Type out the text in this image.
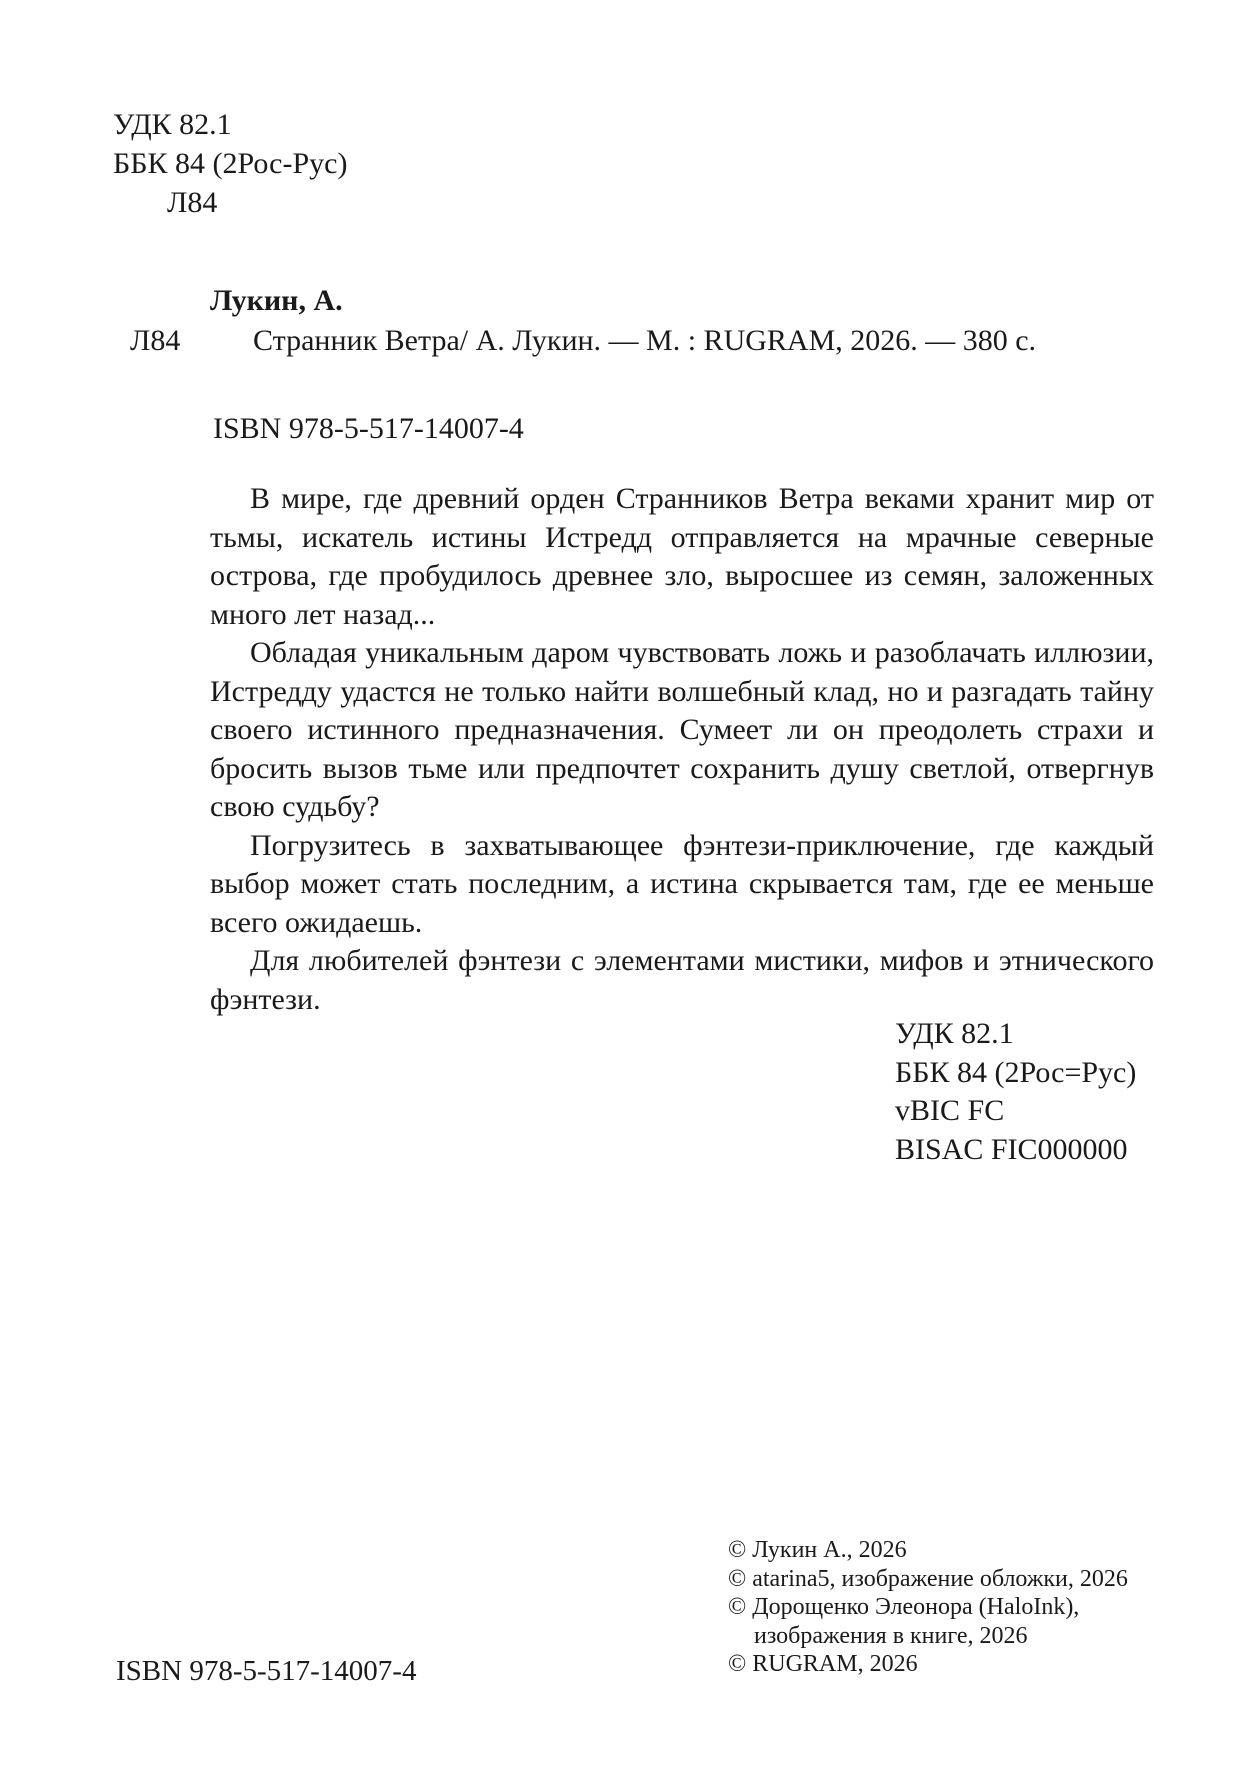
УДК 82.1
ББК 84 (2Рос-Рус)
Л84
Лукин, А.
Л84 Странник Ветра/ А. Лукин. — М. : RUGRAM, 2026. — 380 с.
ISBN 978-5-517-14007-4

В мире, где древний орден Странников Ветра веками хранит мир от тьмы, искатель истины Истредд отправляется на мрачные северные острова, где пробудилось древнее зло, выросшее из семян, заложенных много лет назад...

Обладая уникальным даром чувствовать ложь и разоблачать иллюзии, Истредду удастся не только найти волшебный клад, но и разгадать тайну своего истинного предназначения. Сумеет ли он преодолеть страхи и бросить вызов тьме или предпочтет сохранить душу светлой, отвергнув свою судьбу?

Погрузитесь в захватывающее фэнтези-приключение, где каждый выбор может стать последним, а истина скрывается там, где ее меньше всего ожидаешь.

Для любителей фэнтези с элементами мистики, мифов и этнического фэнтези.

УДК 82.1
ББК 84 (2Рос=Рус)
vBIC FC
BISAC FIC000000
ISBN 978-5-517-14007-4
© Лукин А., 2026
© atarina5, изображение обложки, 2026
© Дорощенко Элеонора (HaloInk),
изображения в книге, 2026
© RUGRAM, 2026
